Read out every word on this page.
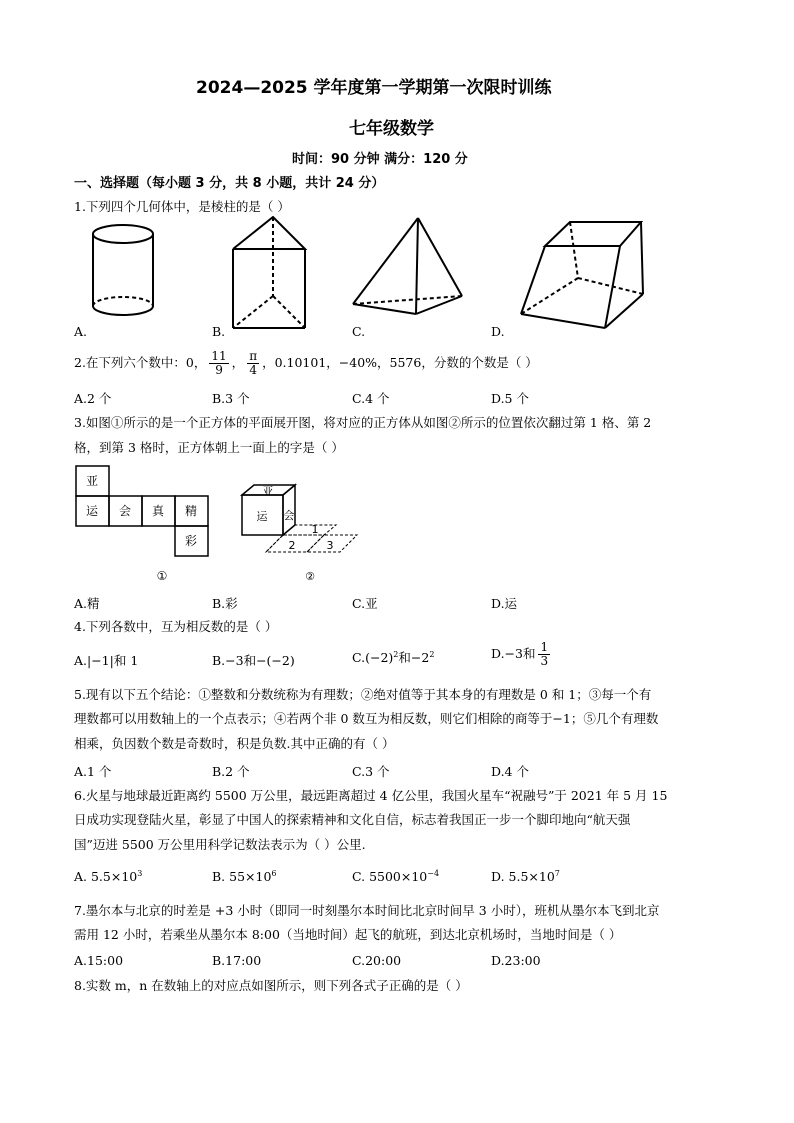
2024—2025 学年度第一学期第一次限时训练
七年级数学
时间：90 分钟 满分：120 分
一、选择题（每小题 3 分，共 8 小题，共计 24 分）
1.下列四个几何体中，是棱柱的是（ ）
A.	B.	C.	D.
2.在下列六个数中：0， $\frac{11}{9}$ ， $\frac{\pi}{4}$ ，0.10101，−40%，5576，分数的个数是（ ）
A.2 个	B.3 个	C.4 个	D.5 个
3.如图①所示的是一个正方体的平面展开图，将对应的正方体从如图②所示的位置依次翻过第 1 格、第 2
格，到第 3 格时，正方体朝上一面上的字是（ ）
亚
运 会 真 精
彩
①
亚
运 会
1
2	3
②
A.精	B.彩	C.亚	D.运
4.下列各数中，互为相反数的是（ ）
A.|−1|和 1	B.−3和−(−2)	$C.(-2)^2$和$-2^2$	D.−3和 $\frac{1}{3}$
5.现有以下五个结论：①整数和分数统称为有理数；②绝对值等于其本身的有理数是 0 和 1；③每一个有
理数都可以用数轴上的一个点表示；④若两个非 0 数互为相反数，则它们相除的商等于−1；⑤几个有理数
相乘，负因数个数是奇数时，积是负数.其中正确的有（ ）
A.1 个	B.2 个	C.3 个	D.4 个
6.火星与地球最近距离约 5500 万公里，最远距离超过 4 亿公里，我国火星车“祝融号”于 2021 年 5 月 15
日成功实现登陆火星，彰显了中国人的探索精神和文化自信，标志着我国正一步一个脚印地向“航天强
国”迈进 5500 万公里用科学记数法表示为（ ）公里.
A. $5.5\times 10^3$	B. $55\times 10^6$	C. $5500\times 10^{-4}$	D. $5.5\times 10^7$
7.墨尔本与北京的时差是 +3 小时（即同一时刻墨尔本时间比北京时间早 3 小时），班机从墨尔本飞到北京
需用 12 小时，若乘坐从墨尔本 8:00（当地时间）起飞的航班，到达北京机场时，当地时间是（ ）
A.15:00	B.17:00	C.20:00	D.23:00
8.实数 m，n 在数轴上的对应点如图所示，则下列各式子正确的是（ ）
